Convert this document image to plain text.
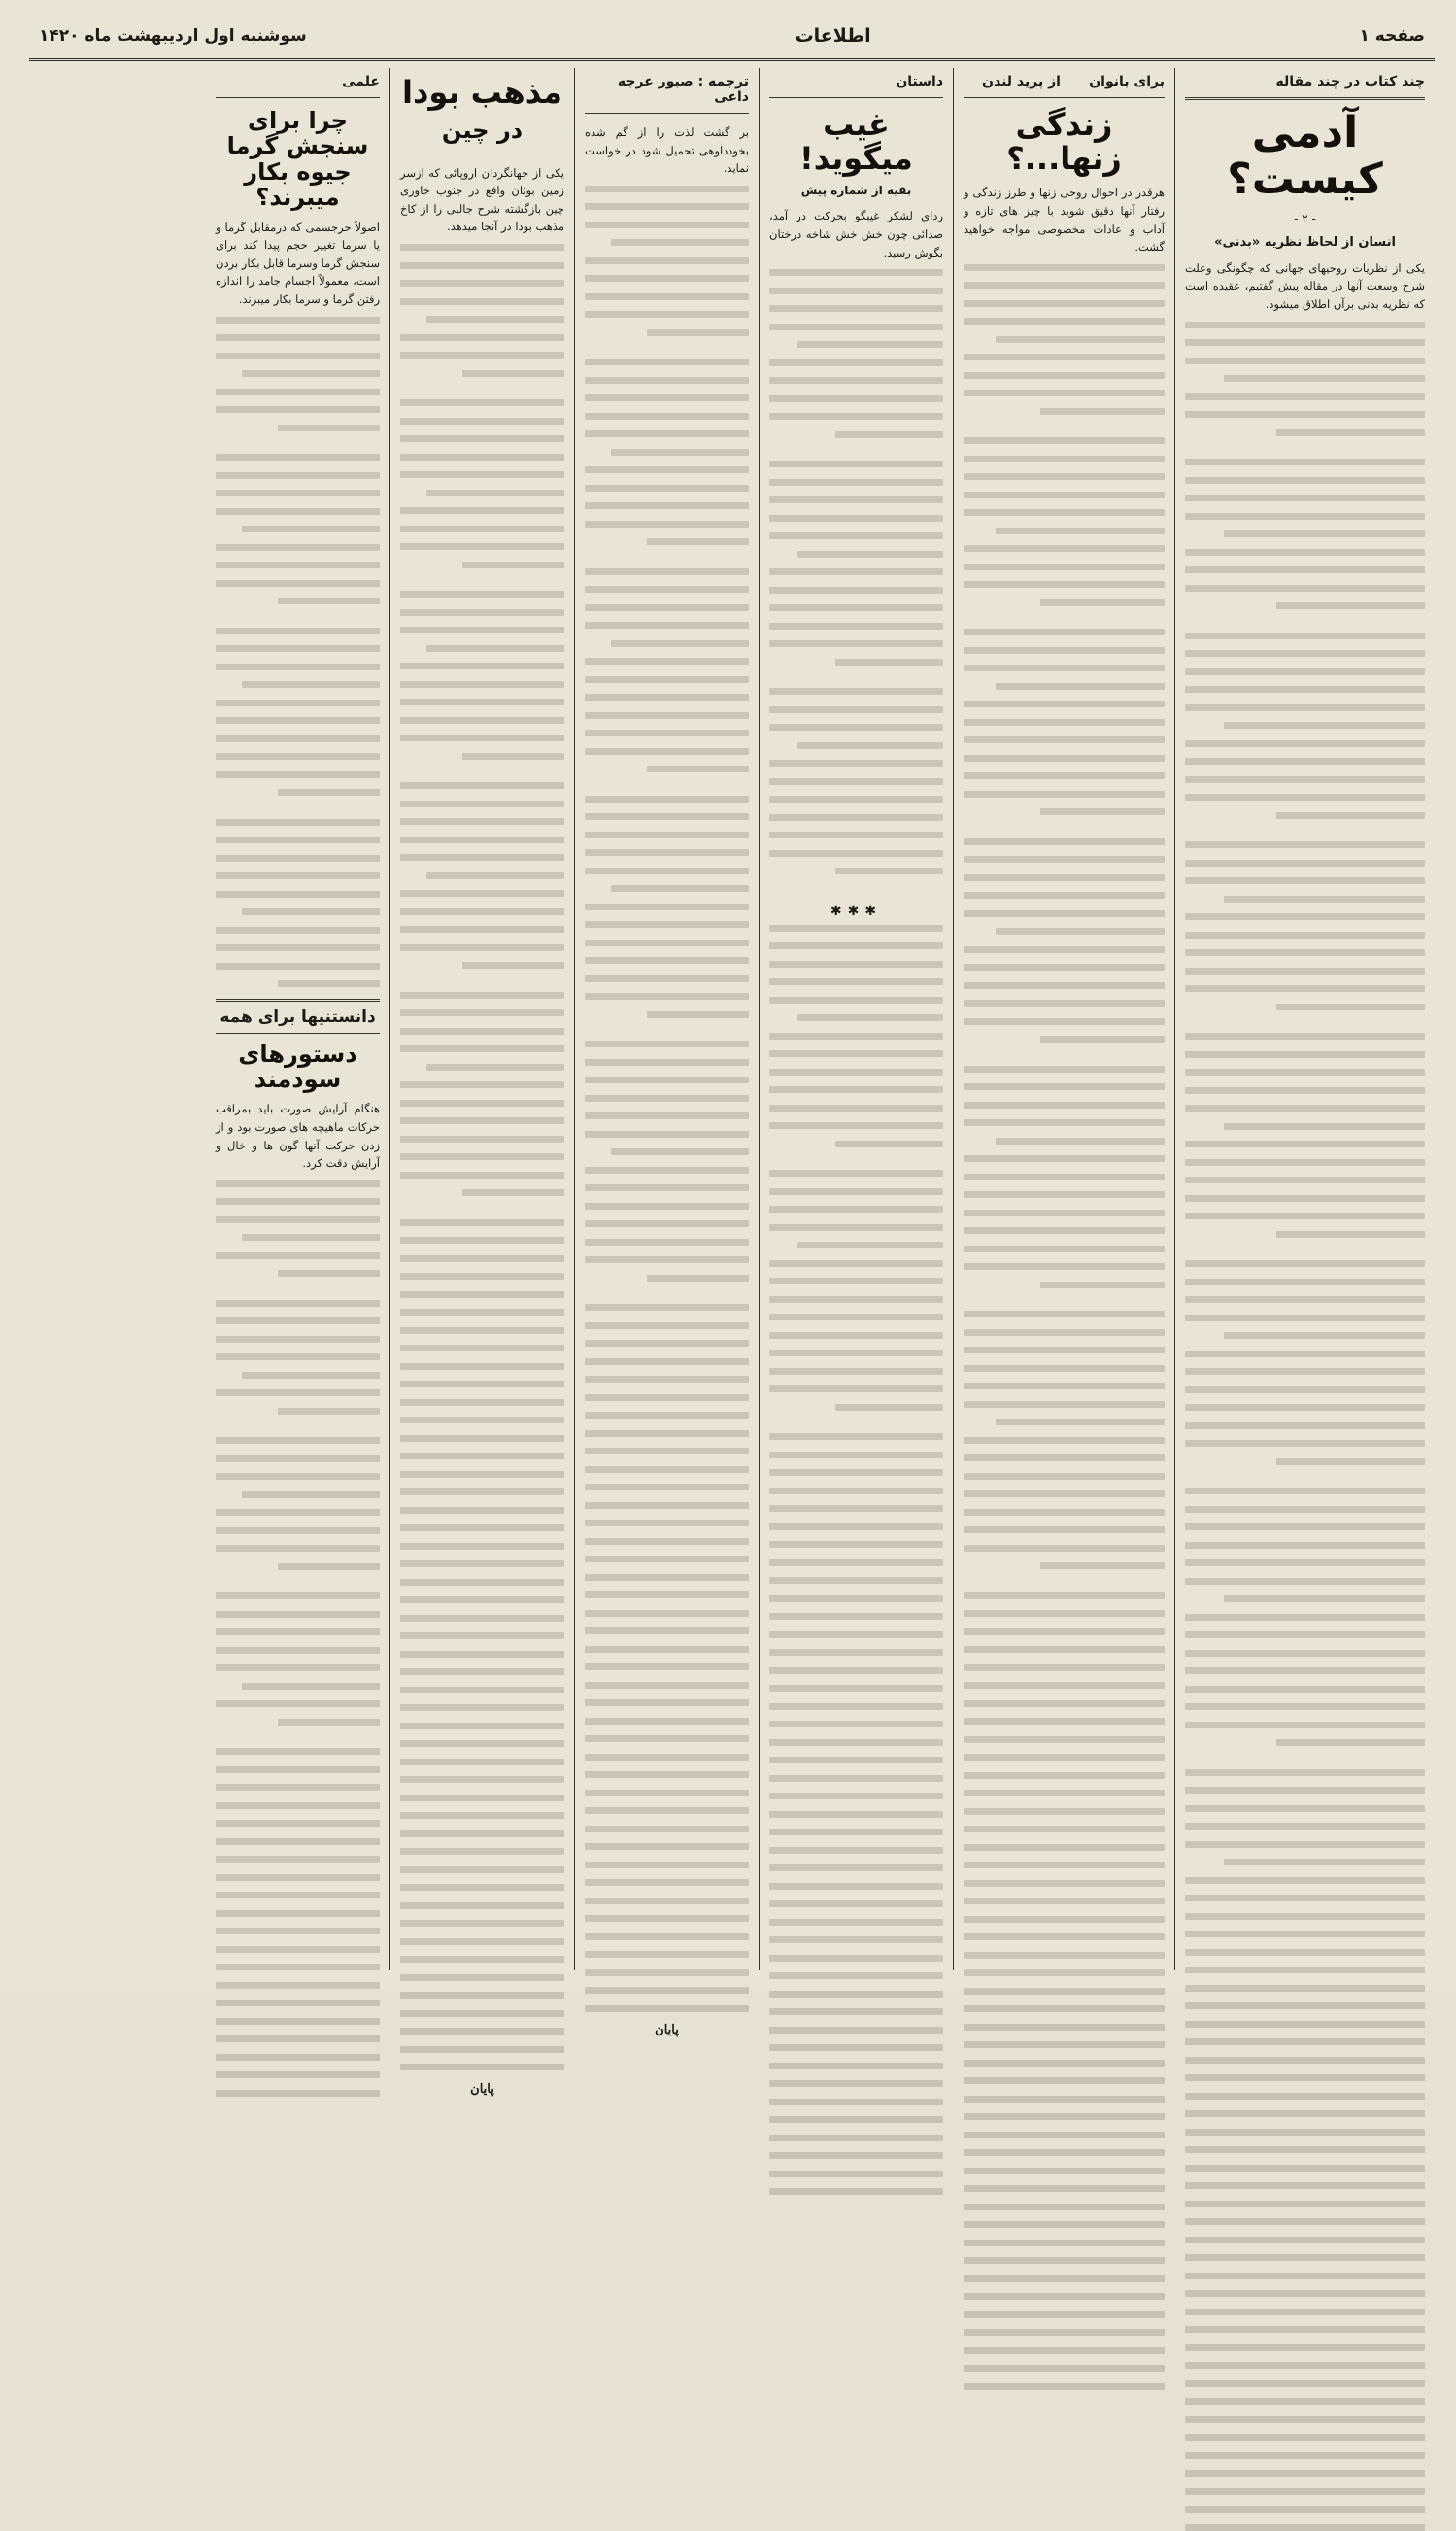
صفحه ۱
اطلاعات
سوشنبه اول اردیبهشت ماه ۱۴۲۰
چند کتاب در چند مقاله
آدمی کیست؟
- ۲ -
انسان از لحاظ نظریه «بدنی»

یکی از نظریات روحیهای جهانی که چگونگی وعلت شرح وسعت آنها در مقاله پیش گفتیم، عقیده است که نظریه بدنی برآن اطلاق میشود.

برای بانوان      از پرید لندن
زندگی زنها...؟

هرقدر در احوال روحی زنها و طرز زندگی و رفتار آنها دقیق شوید با چیز های تازه و آداب و عادات مخصوصی مواجه خواهید گشت.

داستان
غیب میگوید!
بقیه از شماره پیش

ردای لشکر غیبگو بحرکت در آمد، صدائی چون خش خش شاخه درختان بگوش رسید.

✱✱✱
ترجمه : صبور عرجه داعی

بر گشت لذت را از گم شده بخودداوهی تحمیل شود در خواست نماید.

پایان
مذهب بودا
در چین

یکی از جهانگردان اروپائی که ازسر زمین بوتان واقع در جنوب خاوری چین بازگشته شرح جالبی را از کاخ مذهب بودا در آنجا میدهد.

پایان
علمی
چرا برای سنجش گرما جیوه بکار میبرند؟

اصولاً حرجسمی که درمقابل گرما و یا سرما تغییر حجم پیدا کند برای سنجش گرما وسرما قابل بکار بردن است، معمولاً اجسام جامد را اندازه رفتن گرما و سرما بکار میبرند.

دانستنیها برای همه
دستورهای سودمند

هنگام آرایش صورت باید بمراقب حرکات ماهیچه های صورت بود و از زدن حرکت آنها گون ها و خال و آرایش دقت کرد.
